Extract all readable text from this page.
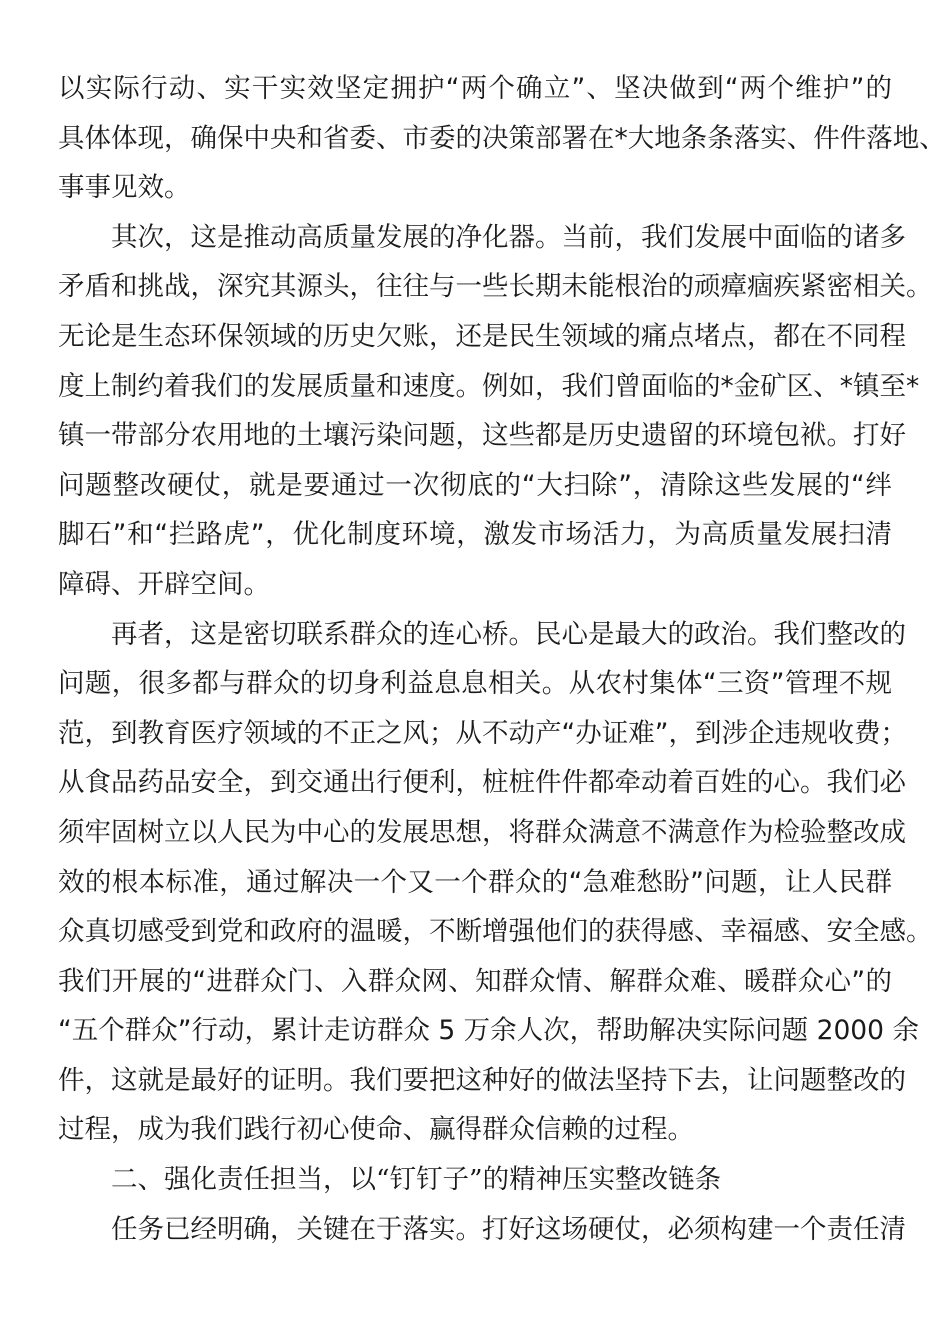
以实际行动、实干实效坚定拥护“两个确立”、坚决做到“两个维护”的
具体体现，确保中央和省委、市委的决策部署在*大地条条落实、件件落地、
事事见效。
其次，这是推动高质量发展的净化器。当前，我们发展中面临的诸多
矛盾和挑战，深究其源头，往往与一些长期未能根治的顽瘴痼疾紧密相关。
无论是生态环保领域的历史欠账，还是民生领域的痛点堵点，都在不同程
度上制约着我们的发展质量和速度。例如，我们曾面临的*金矿区、*镇至*
镇一带部分农用地的土壤污染问题，这些都是历史遗留的环境包袱。打好
问题整改硬仗，就是要通过一次彻底的“大扫除”，清除这些发展的“绊
脚石”和“拦路虎”，优化制度环境，激发市场活力，为高质量发展扫清
障碍、开辟空间。
再者，这是密切联系群众的连心桥。民心是最大的政治。我们整改的
问题，很多都与群众的切身利益息息相关。从农村集体“三资”管理不规
范，到教育医疗领域的不正之风；从不动产“办证难”，到涉企违规收费；
从食品药品安全，到交通出行便利，桩桩件件都牵动着百姓的心。我们必
须牢固树立以人民为中心的发展思想，将群众满意不满意作为检验整改成
效的根本标准，通过解决一个又一个群众的“急难愁盼”问题，让人民群
众真切感受到党和政府的温暖，不断增强他们的获得感、幸福感、安全感。
我们开展的“进群众门、入群众网、知群众情、解群众难、暖群众心”的
“五个群众”行动，累计走访群众 5 万余人次，帮助解决实际问题 2000 余
件，这就是最好的证明。我们要把这种好的做法坚持下去，让问题整改的
过程，成为我们践行初心使命、赢得群众信赖的过程。
二、强化责任担当，以“钉钉子”的精神压实整改链条
任务已经明确，关键在于落实。打好这场硬仗，必须构建一个责任清
